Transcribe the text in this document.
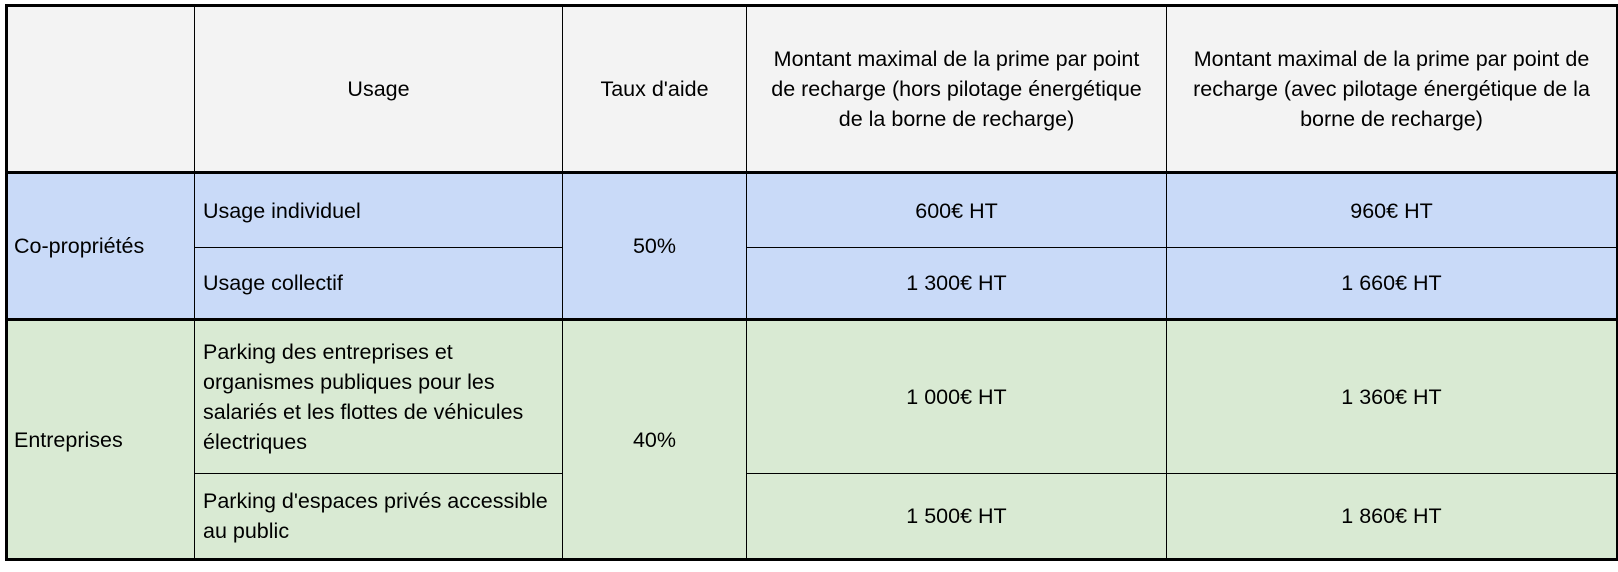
	Usage	Taux d'aide	Montant maximal de la prime par point de recharge (hors pilotage énergétique de la borne de recharge)	Montant maximal de la prime par point de recharge (avec pilotage énergétique de la borne de recharge)
Co-propriétés	Usage individuel	50%	600€ HT	960€ HT
	Usage collectif		1 300€ HT	1 660€ HT
Entreprises	Parking des entreprises et organismes publiques pour les salariés et les flottes de véhicules électriques	40%	1 000€ HT	1 360€ HT
	Parking d'espaces privés accessible au public		1 500€ HT	1 860€ HT
